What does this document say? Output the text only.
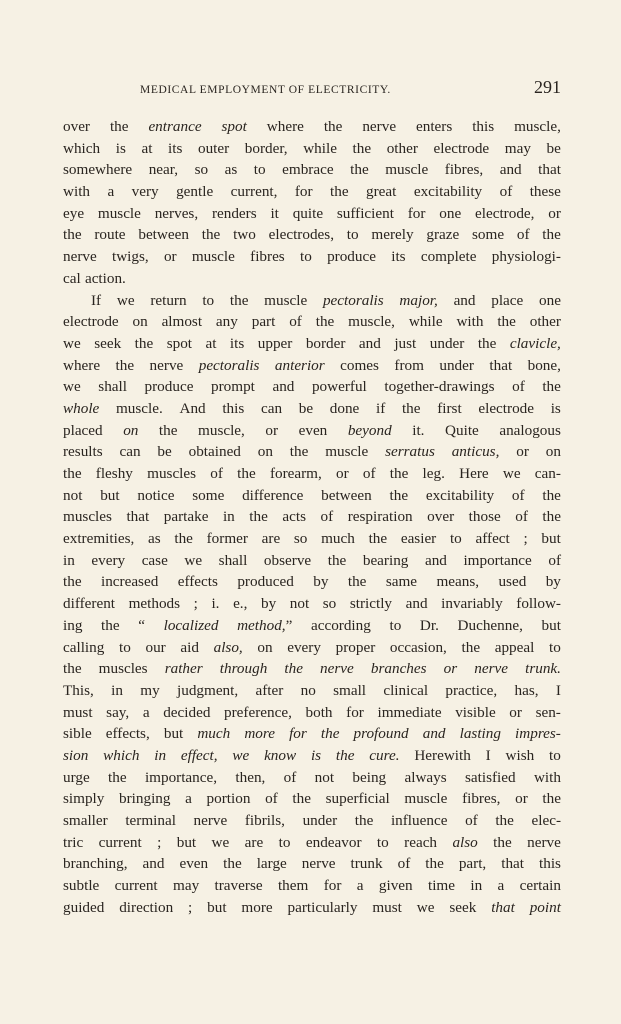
MEDICAL EMPLOYMENT OF ELECTRICITY.	291
over the entrance spot where the nerve enters this muscle,
which is at its outer border, while the other electrode may be
somewhere near, so as to embrace the muscle fibres, and that
with a very gentle current, for the great excitability of these
eye muscle nerves, renders it quite sufficient for one electrode, or
the route between the two electrodes, to merely graze some of the
nerve twigs, or muscle fibres to produce its complete physiologi-
cal action.
If we return to the muscle pectoralis major, and place one
electrode on almost any part of the muscle, while with the other
we seek the spot at its upper border and just under the clavicle,
where the nerve pectoralis anterior comes from under that bone,
we shall produce prompt and powerful together-drawings of the
whole muscle. And this can be done if the first electrode is
placed on the muscle, or even beyond it. Quite analogous
results can be obtained on the muscle serratus anticus, or on
the fleshy muscles of the forearm, or of the leg. Here we can-
not but notice some difference between the excitability of the
muscles that partake in the acts of respiration over those of the
extremities, as the former are so much the easier to affect ; but
in every case we shall observe the bearing and importance of
the increased effects produced by the same means, used by
different methods ; i. e., by not so strictly and invariably follow-
ing the “ localized method,” according to Dr. Duchenne, but
calling to our aid also, on every proper occasion, the appeal to
the muscles rather through the nerve branches or nerve trunk.
This, in my judgment, after no small clinical practice, has, I
must say, a decided preference, both for immediate visible or sen-
sible effects, but much more for the profound and lasting impres-
sion which in effect, we know is the cure. Herewith I wish to
urge the importance, then, of not being always satisfied with
simply bringing a portion of the superficial muscle fibres, or the
smaller terminal nerve fibrils, under the influence of the elec-
tric current ; but we are to endeavor to reach also the nerve
branching, and even the large nerve trunk of the part, that this
subtle current may traverse them for a given time in a certain
guided direction ; but more particularly must we seek that point
